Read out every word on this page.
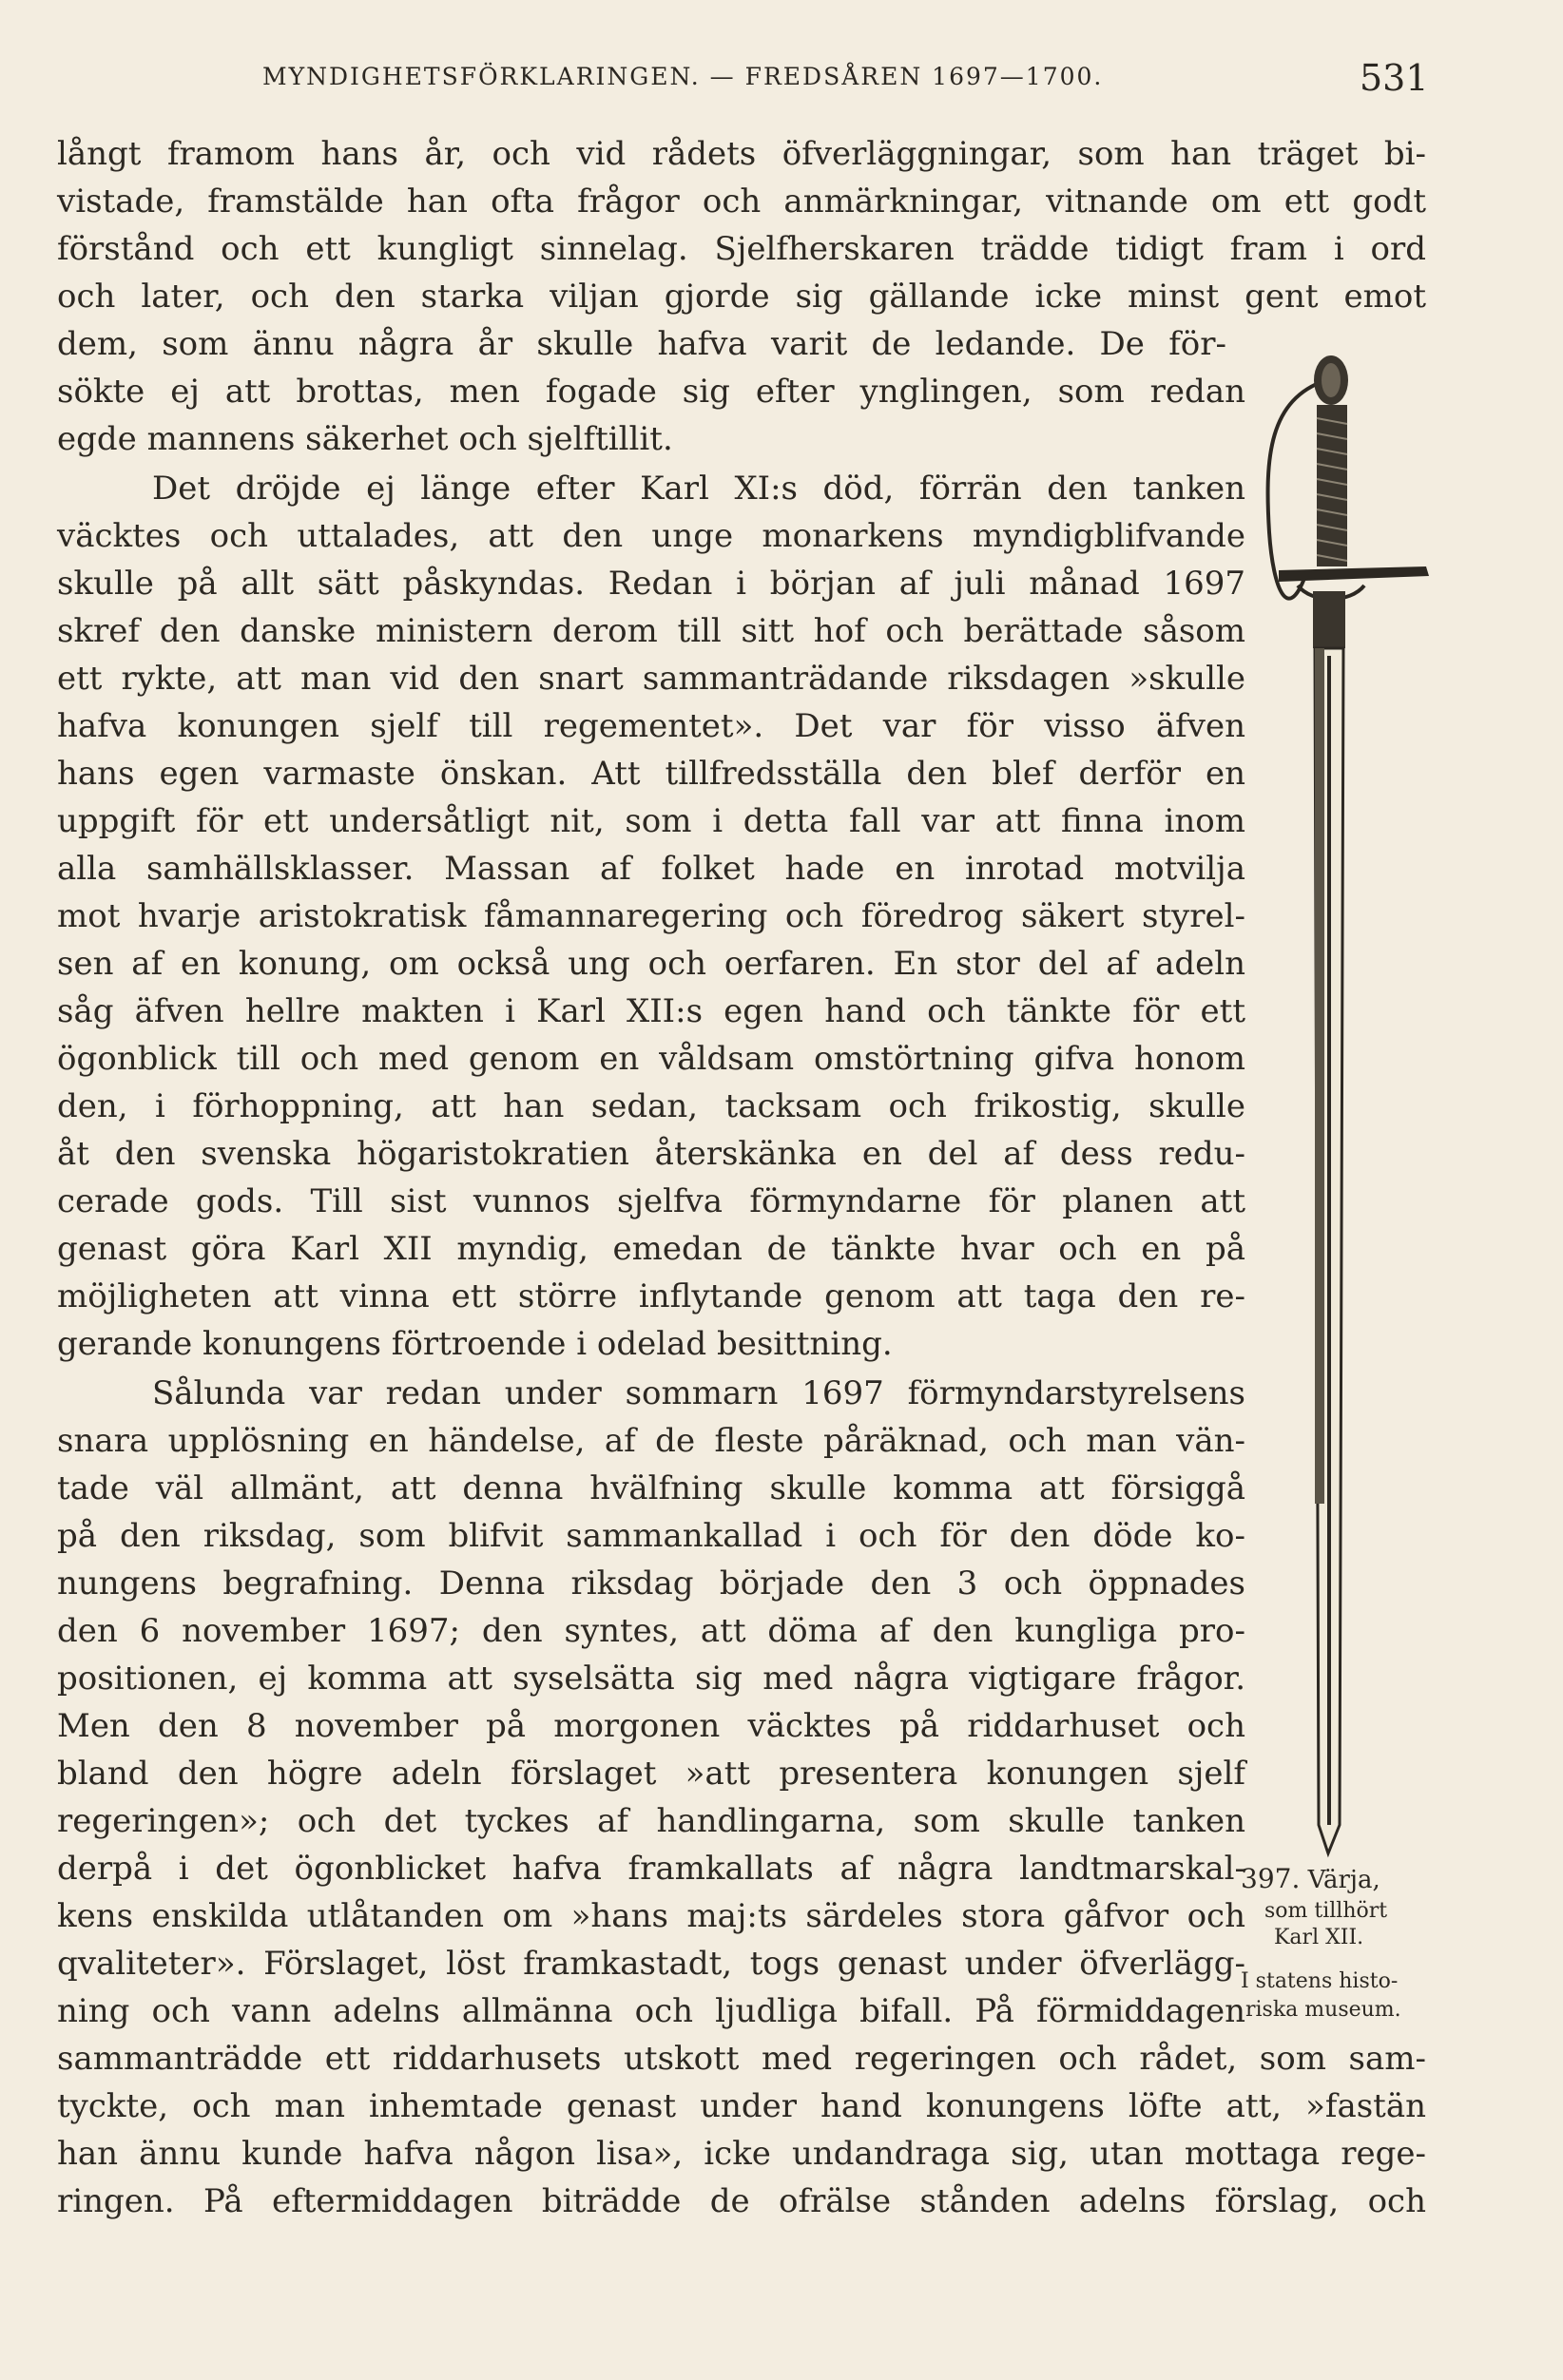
MYNDIGHETSFÖRKLARINGEN. — FREDSÅREN 1697—1700.	531
långt framom hans år, och vid rådets öfverläggningar, som han träget bi-
vistade, framstälde han ofta frågor och anmärkningar, vitnande om ett godt
förstånd och ett kungligt sinnelag. Sjelfherskaren trädde tidigt fram i ord
och later, och den starka viljan gjorde sig gällande icke minst gent emot
dem, som ännu några år skulle hafva varit de ledande. De för-
sökte ej att brottas, men fogade sig efter ynglingen, som redan
egde mannens säkerhet och sjelftillit.
Det dröjde ej länge efter Karl XI:s död, förrän den tanken
väcktes och uttalades, att den unge monarkens myndigblifvande
skulle på allt sätt påskyndas. Redan i början af juli månad 1697
skref den danske ministern derom till sitt hof och berättade såsom
ett rykte, att man vid den snart sammanträdande riksdagen »skulle
hafva konungen sjelf till regementet». Det var för visso äfven
hans egen varmaste önskan. Att tillfredsställa den blef derför en
uppgift för ett undersåtligt nit, som i detta fall var att finna inom
alla samhällsklasser. Massan af folket hade en inrotad motvilja
mot hvarje aristokratisk fåmannaregering och föredrog säkert styrel-
sen af en konung, om också ung och oerfaren. En stor del af adeln
såg äfven hellre makten i Karl XII:s egen hand och tänkte för ett
ögonblick till och med genom en våldsam omstörtning gifva honom
den, i förhoppning, att han sedan, tacksam och frikostig, skulle
åt den svenska högaristokratien återskänka en del af dess redu-
cerade gods. Till sist vunnos sjelfva förmyndarne för planen att
genast göra Karl XII myndig, emedan de tänkte hvar och en på
möjligheten att vinna ett större inflytande genom att taga den re-
gerande konungens förtroende i odelad besittning.
Sålunda var redan under sommarn 1697 förmyndarstyrelsens
snara upplösning en händelse, af de fleste påräknad, och man vän-
tade väl allmänt, att denna hvälfning skulle komma att försiggå
på den riksdag, som blifvit sammankallad i och för den döde ko-
nungens begrafning. Denna riksdag började den 3 och öppnades
den 6 november 1697; den syntes, att döma af den kungliga pro-
positionen, ej komma att syselsätta sig med några vigtigare frågor.
Men den 8 november på morgonen väcktes på riddarhuset och
bland den högre adeln förslaget »att presentera konungen sjelf
regeringen»; och det tyckes af handlingarna, som skulle tanken
derpå i det ögonblicket hafva framkallats af några landtmarskal-
kens enskilda utlåtanden om »hans maj:ts särdeles stora gåfvor och
qvaliteter». Förslaget, löst framkastadt, togs genast under öfverlägg-
ning och vann adelns allmänna och ljudliga bifall. På förmiddagen
sammanträdde ett riddarhusets utskott med regeringen och rådet, som sam-
tyckte, och man inhemtade genast under hand konungens löfte att, »fastän
han ännu kunde hafva någon lisa», icke undandraga sig, utan mottaga rege-
ringen. På eftermiddagen biträdde de ofrälse stånden adelns förslag, och
397. Värja,
som tillhört
Karl XII.
I statens histo-
riska museum.
